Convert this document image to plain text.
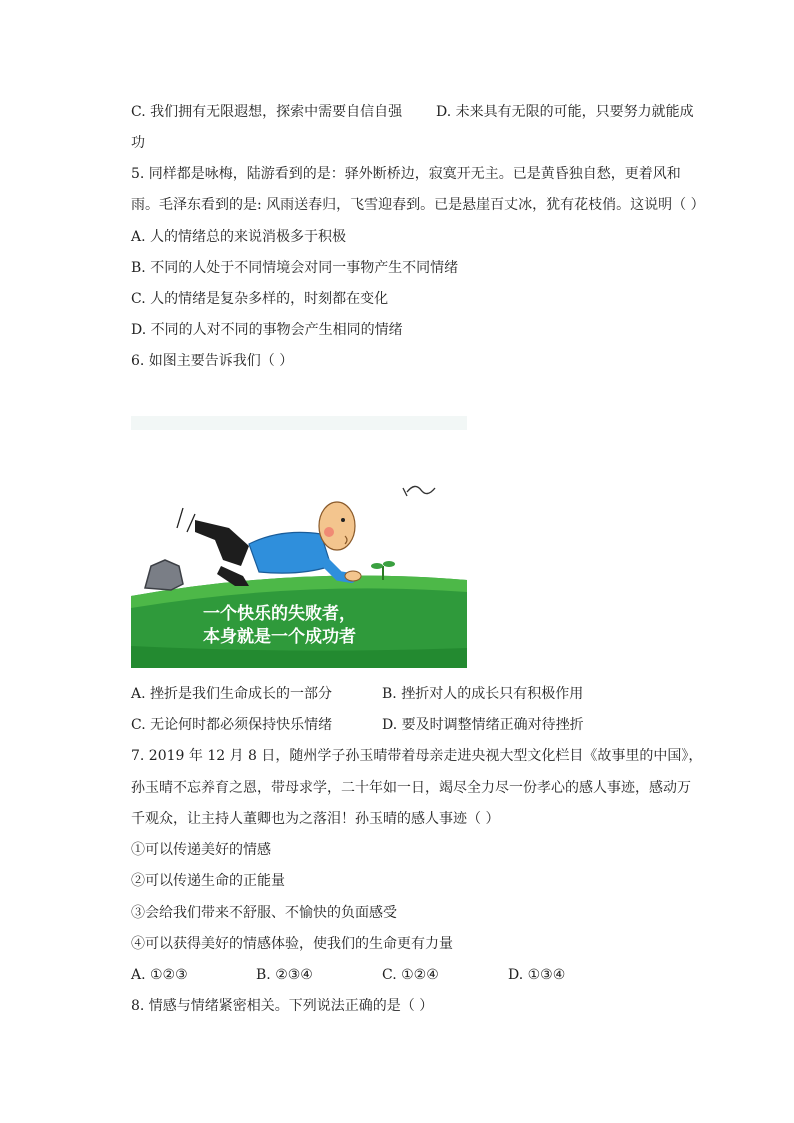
C. 我们拥有无限遐想，探索中需要自信自强 D. 未来具有无限的可能，只要努力就能成
功
5. 同样都是咏梅，陆游看到的是：驿外断桥边，寂寞开无主。已是黄昏独自愁，更着风和
雨。毛泽东看到的是: 风雨送春归，飞雪迎春到。已是悬崖百丈冰，犹有花枝俏。这说明（ ）
A. 人的情绪总的来说消极多于积极
B. 不同的人处于不同情境会对同一事物产生不同情绪
C. 人的情绪是复杂多样的，时刻都在变化
D. 不同的人对不同的事物会产生相同的情绪
6. 如图主要告诉我们（ ）
一个快乐的失败者，
本身就是一个成功者
A. 挫折是我们生命成长的一部分	B. 挫折对人的成长只有积极作用
C. 无论何时都必须保持快乐情绪	D. 要及时调整情绪正确对待挫折
7. 2019 年 12 月 8 日，随州学子孙玉晴带着母亲走进央视大型文化栏目《故事里的中国》，
孙玉晴不忘养育之恩，带母求学，二十年如一日，竭尽全力尽一份孝心的感人事迹，感动万
千观众，让主持人董卿也为之落泪！孙玉晴的感人事迹（ ）
①可以传递美好的情感
②可以传递生命的正能量
③会给我们带来不舒服、不愉快的负面感受
④可以获得美好的情感体验，使我们的生命更有力量
A. ①②③	B. ②③④	C. ①②④	D. ①③④
8. 情感与情绪紧密相关。下列说法正确的是（ ）
